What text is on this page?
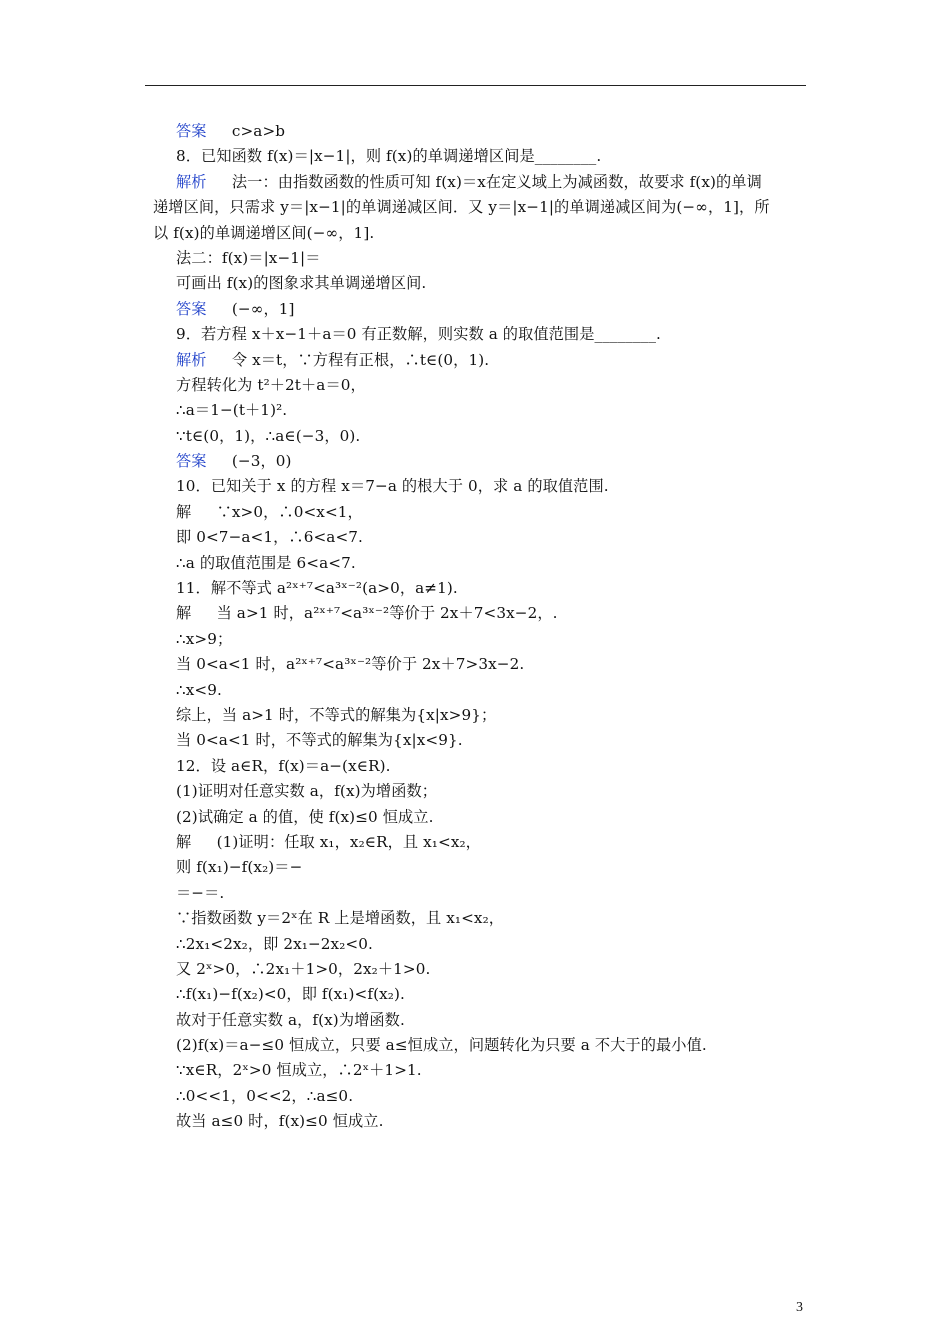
答案　c>a>b
8．已知函数 f(x)＝|x−1|，则 f(x)的单调递增区间是________.
解析　法一：由指数函数的性质可知 f(x)＝x在定义域上为减函数，故要求 f(x)的单调
递增区间，只需求 y＝|x−1|的单调递减区间．又 y＝|x−1|的单调递减区间为(−∞，1]，所
以 f(x)的单调递增区间(−∞，1].
法二：f(x)＝|x−1|＝
可画出 f(x)的图象求其单调递增区间.
答案　(−∞，1]
9．若方程 x＋x−1＋a＝0 有正数解，则实数 a 的取值范围是________.
解析　令 x＝t，∵方程有正根，∴t∈(0，1).
方程转化为 t²＋2t＋a＝0，
∴a＝1−(t＋1)².
∵t∈(0，1)，∴a∈(−3，0).
答案　(−3，0)
10．已知关于 x 的方程 x＝7−a 的根大于 0，求 a 的取值范围.
解　∵x>0，∴0<x<1，
即 0<7−a<1，∴6<a<7.
∴a 的取值范围是 6<a<7.
11．解不等式 a²ˣ⁺⁷<a³ˣ⁻²(a>0，a≠1).
解　当 a>1 时，a²ˣ⁺⁷<a³ˣ⁻²等价于 2x＋7<3x−2，.
∴x>9；
当 0<a<1 时，a²ˣ⁺⁷<a³ˣ⁻²等价于 2x＋7>3x−2.
∴x<9.
综上，当 a>1 时，不等式的解集为{x|x>9}；
当 0<a<1 时，不等式的解集为{x|x<9}.
12．设 a∈R，f(x)＝a−(x∈R).
(1)证明对任意实数 a，f(x)为增函数；
(2)试确定 a 的值，使 f(x)≤0 恒成立.
解　(1)证明：任取 x₁，x₂∈R，且 x₁<x₂，
则 f(x₁)−f(x₂)＝−
＝−＝.
∵指数函数 y＝2ˣ在 R 上是增函数，且 x₁<x₂，
∴2x₁<2x₂，即 2x₁−2x₂<0.
又 2ˣ>0，∴2x₁＋1>0，2x₂＋1>0.
∴f(x₁)−f(x₂)<0，即 f(x₁)<f(x₂).
故对于任意实数 a，f(x)为增函数.
(2)f(x)＝a−≤0 恒成立，只要 a≤恒成立，问题转化为只要 a 不大于的最小值.
∵x∈R，2ˣ>0 恒成立，∴2ˣ＋1>1.
∴0<<1，0<<2，∴a≤0.
故当 a≤0 时，f(x)≤0 恒成立.
3
